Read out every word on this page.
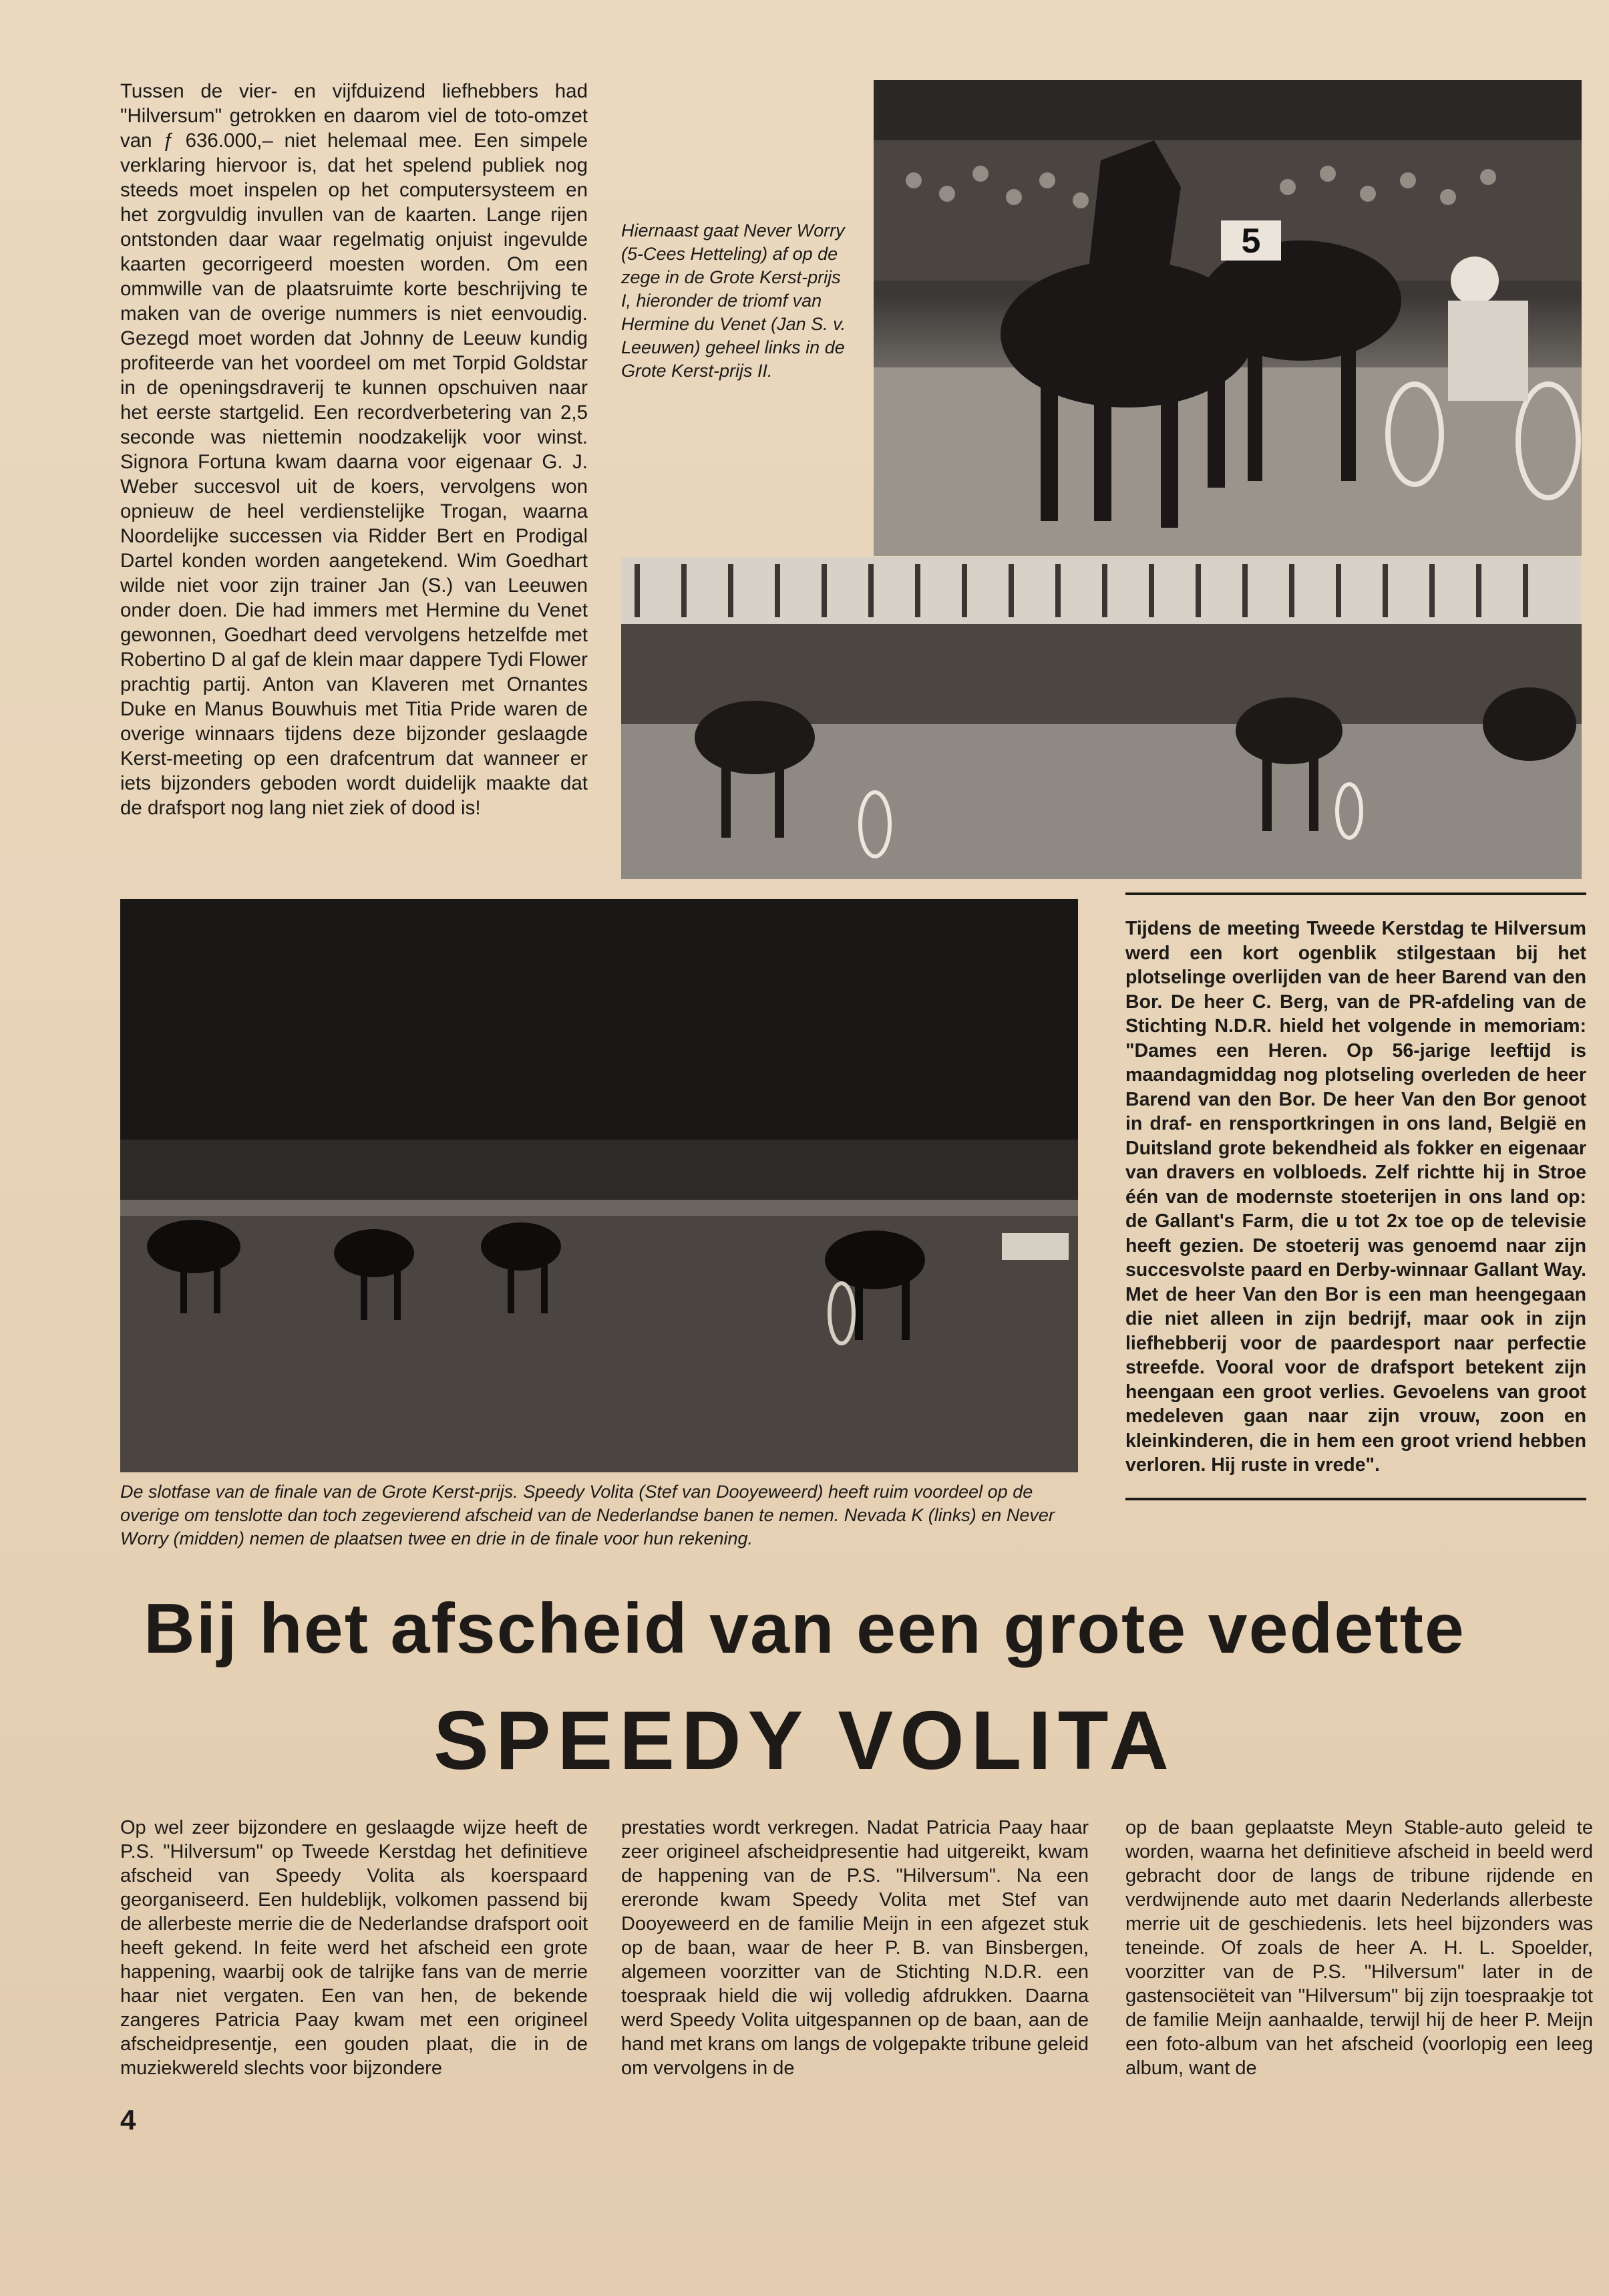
Tussen de vier- en vijfduizend liefhebbers had "Hilversum" getrokken en daarom viel de toto-omzet van ƒ 636.000,– niet helemaal mee. Een simpele verklaring hiervoor is, dat het spelend publiek nog steeds moet inspelen op het computersysteem en het zorgvuldig invullen van de kaarten. Lange rijen ontstonden daar waar regelmatig onjuist ingevulde kaarten gecorrigeerd moesten worden. Om een ommwille van de plaatsruimte korte beschrijving te maken van de overige nummers is niet eenvoudig. Gezegd moet worden dat Johnny de Leeuw kundig profiteerde van het voordeel om met Torpid Goldstar in de openingsdraverij te kunnen opschuiven naar het eerste startgelid. Een recordverbetering van 2,5 seconde was niettemin noodzakelijk voor winst. Signora Fortuna kwam daarna voor eigenaar G. J. Weber succesvol uit de koers, vervolgens won opnieuw de heel verdienstelijke Trogan, waarna Noordelijke successen via Ridder Bert en Prodigal Dartel konden worden aangetekend. Wim Goedhart wilde niet voor zijn trainer Jan (S.) van Leeuwen onder doen. Die had immers met Hermine du Venet gewonnen, Goedhart deed vervolgens hetzelfde met Robertino D al gaf de klein maar dappere Tydi Flower prachtig partij. Anton van Klaveren met Ornantes Duke en Manus Bouwhuis met Titia Pride waren de overige winnaars tijdens deze bijzonder geslaagde Kerst-meeting op een drafcentrum dat wanneer er iets bijzonders geboden wordt duidelijk maakte dat de drafsport nog lang niet ziek of dood is!

Hiernaast gaat Never Worry (5-Cees Hetteling) af op de zege in de Grote Kerst-prijs I, hieronder de triomf van Hermine du Venet (Jan S. v. Leeuwen) geheel links in de Grote Kerst-prijs II.
5
Tijdens de meeting Tweede Kerstdag te Hilversum werd een kort ogenblik stilgestaan bij het plotselinge overlijden van de heer Barend van den Bor. De heer C. Berg, van de PR-afdeling van de Stichting N.D.R. hield het volgende in memoriam: "Dames een Heren. Op 56-jarige leeftijd is maandagmiddag nog plotseling overleden de heer Barend van den Bor. De heer Van den Bor genoot in draf- en rensportkringen in ons land, België en Duitsland grote bekendheid als fokker en eigenaar van dravers en volbloeds. Zelf richtte hij in Stroe één van de modernste stoeterijen in ons land op: de Gallant's Farm, die u tot 2x toe op de televisie heeft gezien. De stoeterij was genoemd naar zijn succesvolste paard en Derby-winnaar Gallant Way. Met de heer Van den Bor is een man heengegaan die niet alleen in zijn bedrijf, maar ook in zijn liefhebberij voor de paardesport naar perfectie streefde. Vooral voor de drafsport betekent zijn heengaan een groot verlies. Gevoelens van groot medeleven gaan naar zijn vrouw, zoon en kleinkinderen, die in hem een groot vriend hebben verloren. Hij ruste in vrede".
De slotfase van de finale van de Grote Kerst-prijs. Speedy Volita (Stef van Dooyeweerd) heeft ruim voordeel op de overige om tenslotte dan toch zegevierend afscheid van de Nederlandse banen te nemen. Nevada K (links) en Never Worry (midden) nemen de plaatsen twee en drie in de finale voor hun rekening.
Bij het afscheid van een grote vedette
SPEEDY VOLITA
Op wel zeer bijzondere en geslaagde wijze heeft de P.S. "Hilversum" op Tweede Kerstdag het definitieve afscheid van Speedy Volita als koerspaard georganiseerd. Een huldeblijk, volkomen passend bij de allerbeste merrie die de Nederlandse drafsport ooit heeft gekend. In feite werd het afscheid een grote happening, waarbij ook de talrijke fans van de merrie haar niet vergaten. Een van hen, de bekende zangeres Patricia Paay kwam met een origineel afscheidpresentje, een gouden plaat, die in de muziekwereld slechts voor bijzondere
prestaties wordt verkregen. Nadat Patricia Paay haar zeer origineel afscheidpresentie had uitgereikt, kwam de happening van de P.S. "Hilversum". Na een ereronde kwam Speedy Volita met Stef van Dooyeweerd en de familie Meijn in een afgezet stuk op de baan, waar de heer P. B. van Binsbergen, algemeen voorzitter van de Stichting N.D.R. een toespraak hield die wij volledig afdrukken. Daarna werd Speedy Volita uitgespannen op de baan, aan de hand met krans om langs de volgepakte tribune geleid om vervolgens in de
op de baan geplaatste Meyn Stable-auto geleid te worden, waarna het definitieve afscheid in beeld werd gebracht door de langs de tribune rijdende en verdwijnende auto met daarin Nederlands allerbeste merrie uit de geschiedenis. Iets heel bijzonders was teneinde. Of zoals de heer A. H. L. Spoelder, voorzitter van de P.S. "Hilversum" later in de gastensociëteit van "Hilversum" bij zijn toespraakje tot de familie Meijn aanhaalde, terwijl hij de heer P. Meijn een foto-album van het afscheid (voorlopig een leeg album, want de
4
